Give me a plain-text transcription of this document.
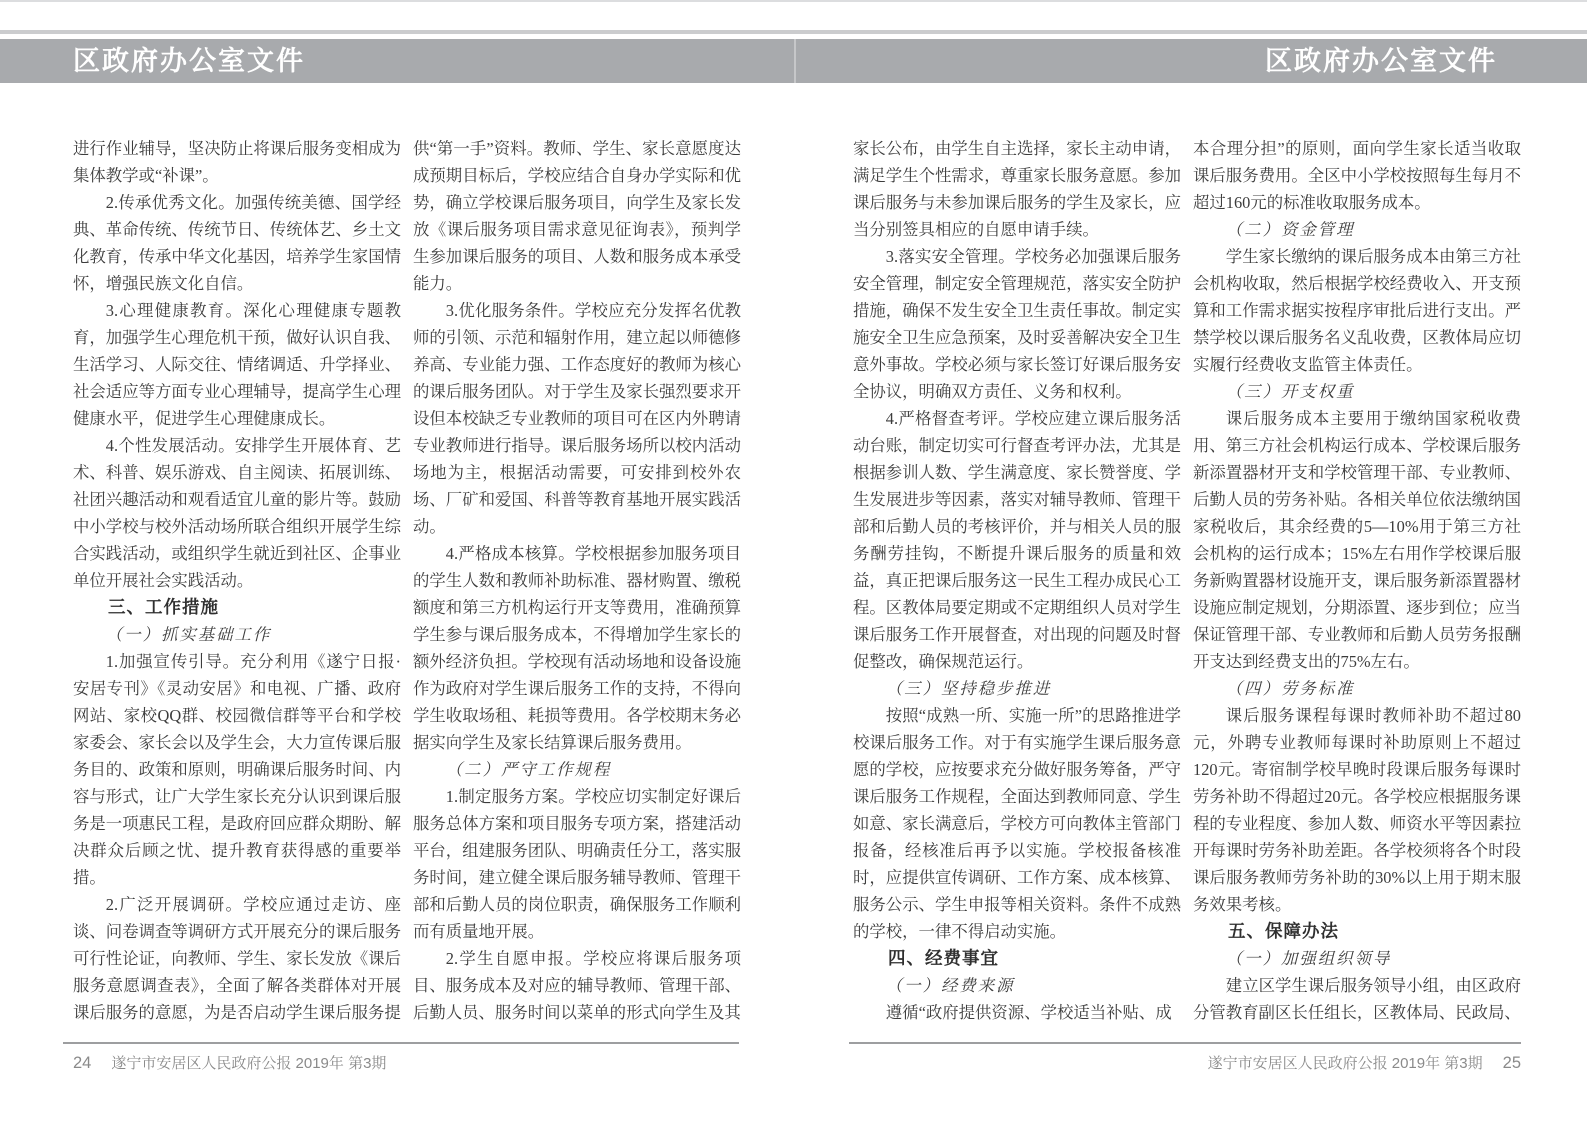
区政府办公室文件	区政府办公室文件

进行作业辅导，坚决防止将课后服务变相成为集体教学或“补课”。

2.传承优秀文化。加强传统美德、国学经典、革命传统、传统节日、传统体艺、乡土文化教育，传承中华文化基因，培养学生家国情怀，增强民族文化自信。

3.心理健康教育。深化心理健康专题教育，加强学生心理危机干预，做好认识自我、生活学习、人际交往、情绪调适、升学择业、社会适应等方面专业心理辅导，提高学生心理健康水平，促进学生心理健康成长。

4.个性发展活动。安排学生开展体育、艺术、科普、娱乐游戏、自主阅读、拓展训练、社团兴趣活动和观看适宜儿童的影片等。鼓励中小学校与校外活动场所联合组织开展学生综合实践活动，或组织学生就近到社区、企事业单位开展社会实践活动。

三、工作措施

（一）抓实基础工作

1.加强宣传引导。充分利用《遂宁日报·安居专刊》《灵动安居》和电视、广播、政府网站、家校QQ群、校园微信群等平台和学校家委会、家长会以及学生会，大力宣传课后服务目的、政策和原则，明确课后服务时间、内容与形式，让广大学生家长充分认识到课后服务是一项惠民工程，是政府回应群众期盼、解决群众后顾之忧、提升教育获得感的重要举措。

2.广泛开展调研。学校应通过走访、座谈、问卷调查等调研方式开展充分的课后服务可行性论证，向教师、学生、家长发放《课后服务意愿调查表》，全面了解各类群体对开展课后服务的意愿，为是否启动学生课后服务提

供“第一手”资料。教师、学生、家长意愿度达成预期目标后，学校应结合自身办学实际和优势，确立学校课后服务项目，向学生及家长发放《课后服务项目需求意见征询表》，预判学生参加课后服务的项目、人数和服务成本承受能力。

3.优化服务条件。学校应充分发挥名优教师的引领、示范和辐射作用，建立起以师德修养高、专业能力强、工作态度好的教师为核心的课后服务团队。对于学生及家长强烈要求开设但本校缺乏专业教师的项目可在区内外聘请专业教师进行指导。课后服务场所以校内活动场地为主，根据活动需要，可安排到校外农场、厂矿和爱国、科普等教育基地开展实践活动。

4.严格成本核算。学校根据参加服务项目的学生人数和教师补助标准、器材购置、缴税额度和第三方机构运行开支等费用，准确预算学生参与课后服务成本，不得增加学生家长的额外经济负担。学校现有活动场地和设备设施作为政府对学生课后服务工作的支持，不得向学生收取场租、耗损等费用。各学校期末务必据实向学生及家长结算课后服务费用。

（二）严守工作规程

1.制定服务方案。学校应切实制定好课后服务总体方案和项目服务专项方案，搭建活动平台，组建服务团队、明确责任分工，落实服务时间，建立健全课后服务辅导教师、管理干部和后勤人员的岗位职责，确保服务工作顺利而有质量地开展。

2.学生自愿申报。学校应将课后服务项目、服务成本及对应的辅导教师、管理干部、后勤人员、服务时间以菜单的形式向学生及其

家长公布，由学生自主选择，家长主动申请，满足学生个性需求，尊重家长服务意愿。参加课后服务与未参加课后服务的学生及家长，应当分别签具相应的自愿申请手续。

3.落实安全管理。学校务必加强课后服务安全管理，制定安全管理规范，落实安全防护措施，确保不发生安全卫生责任事故。制定实施安全卫生应急预案，及时妥善解决安全卫生意外事故。学校必须与家长签订好课后服务安全协议，明确双方责任、义务和权利。

4.严格督查考评。学校应建立课后服务活动台账，制定切实可行督查考评办法，尤其是根据参训人数、学生满意度、家长赞誉度、学生发展进步等因素，落实对辅导教师、管理干部和后勤人员的考核评价，并与相关人员的服务酬劳挂钩，不断提升课后服务的质量和效益，真正把课后服务这一民生工程办成民心工程。区教体局要定期或不定期组织人员对学生课后服务工作开展督查，对出现的问题及时督促整改，确保规范运行。

（三）坚持稳步推进

按照“成熟一所、实施一所”的思路推进学校课后服务工作。对于有实施学生课后服务意愿的学校，应按要求充分做好服务筹备，严守课后服务工作规程，全面达到教师同意、学生如意、家长满意后，学校方可向教体主管部门报备，经核准后再予以实施。学校报备核准时，应提供宣传调研、工作方案、成本核算、服务公示、学生申报等相关资料。条件不成熟的学校，一律不得启动实施。

四、经费事宜

（一）经费来源

遵循“政府提供资源、学校适当补贴、成

本合理分担”的原则，面向学生家长适当收取课后服务费用。全区中小学校按照每生每月不超过160元的标准收取服务成本。

（二）资金管理

学生家长缴纳的课后服务成本由第三方社会机构收取，然后根据学校经费收入、开支预算和工作需求据实按程序审批后进行支出。严禁学校以课后服务名义乱收费，区教体局应切实履行经费收支监管主体责任。

（三）开支权重

课后服务成本主要用于缴纳国家税收费用、第三方社会机构运行成本、学校课后服务新添置器材开支和学校管理干部、专业教师、后勤人员的劳务补贴。各相关单位依法缴纳国家税收后，其余经费的5—10%用于第三方社会机构的运行成本；15%左右用作学校课后服务新购置器材设施开支，课后服务新添置器材设施应制定规划，分期添置、逐步到位；应当保证管理干部、专业教师和后勤人员劳务报酬开支达到经费支出的75%左右。

（四）劳务标准

课后服务课程每课时教师补助不超过80元，外聘专业教师每课时补助原则上不超过120元。寄宿制学校早晚时段课后服务每课时劳务补助不得超过20元。各学校应根据服务课程的专业程度、参加人数、师资水平等因素拉开每课时劳务补助差距。各学校须将各个时段课后服务教师劳务补助的30%以上用于期末服务效果考核。

五、保障办法

（一）加强组织领导

建立区学生课后服务领导小组，由区政府分管教育副区长任组长，区教体局、民政局、

24 遂宁市安居区人民政府公报 2019年 第3期	遂宁市安居区人民政府公报 2019年 第3期 25
